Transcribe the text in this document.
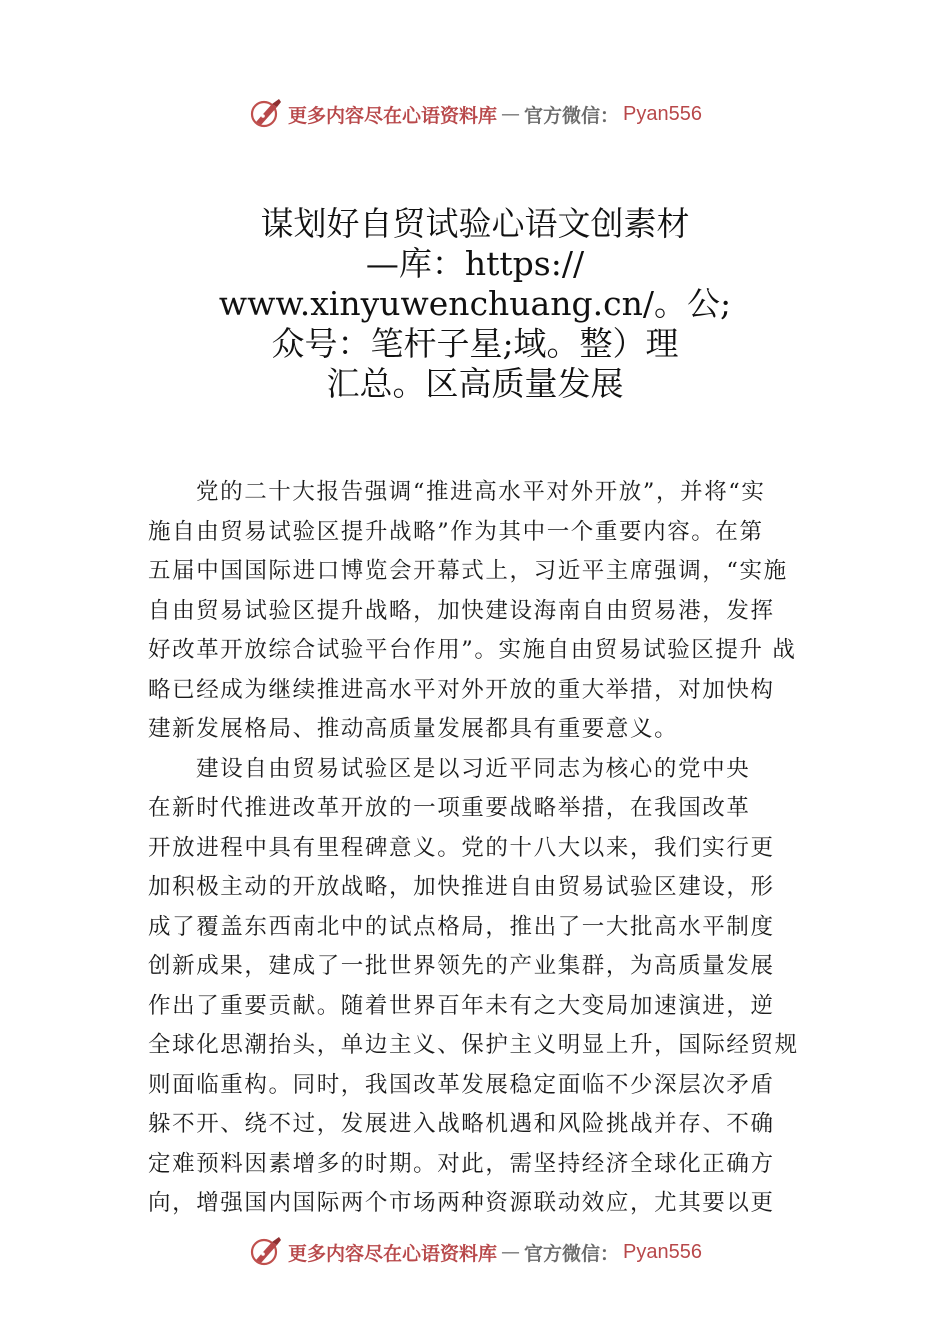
更多内容尽在心语资料库 — 官方微信： Pyan556
谋划好自贸试验心语文创素材
—库：https://
www.xinyuwenchuang.cn/。公;
众号：笔杆子星;域。整）理
汇总。区高质量发展

党的二十大报告强调“推进高水平对外开放”，并将“实
施自由贸易试验区提升战略”作为其中一个重要内容。在第
五届中国国际进口博览会开幕式上，习近平主席强调，“实施
自由贸易试验区提升战略，加快建设海南自由贸易港，发挥
好改革开放综合试验平台作用”。实施自由贸易试验区提升 战
略已经成为继续推进高水平对外开放的重大举措，对加快构
建新发展格局、推动高质量发展都具有重要意义。

建设自由贸易试验区是以习近平同志为核心的党中央
在新时代推进改革开放的一项重要战略举措，在我国改革
开放进程中具有里程碑意义。党的十八大以来，我们实行更
加积极主动的开放战略，加快推进自由贸易试验区建设，形
成了覆盖东西南北中的试点格局，推出了一大批高水平制度
创新成果，建成了一批世界领先的产业集群，为高质量发展
作出了重要贡献。随着世界百年未有之大变局加速演进，逆
全球化思潮抬头，单边主义、保护主义明显上升，国际经贸规
则面临重构。同时，我国改革发展稳定面临不少深层次矛盾
躲不开、绕不过，发展进入战略机遇和风险挑战并存、不确
定难预料因素增多的时期。对此，需坚持经济全球化正确方
向，增强国内国际两个市场两种资源联动效应，尤其要以更

更多内容尽在心语资料库 — 官方微信： Pyan556
